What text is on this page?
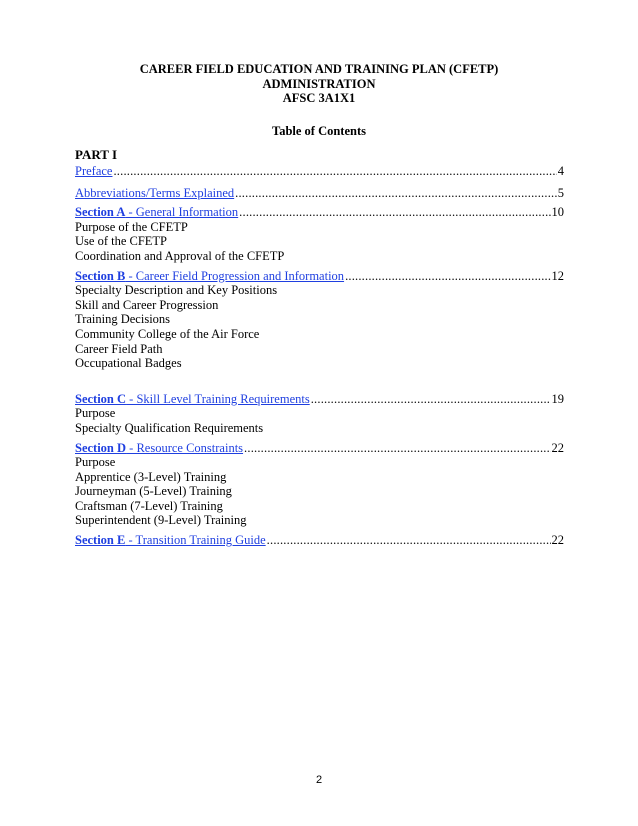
CAREER FIELD EDUCATION AND TRAINING PLAN (CFETP)
ADMINISTRATION
AFSC 3A1X1
Table of Contents
PART I
Preface .....	4
Abbreviations/Terms Explained .....	5
Section A - General Information .....	10
Purpose of the CFETP
Use of the CFETP
Coordination and Approval of the CFETP
Section B - Career Field Progression and Information .....	12
Specialty Description and Key Positions
Skill and Career Progression
Training Decisions
Community College of the Air Force
Career Field Path
Occupational Badges
Section C - Skill Level Training Requirements .....	19
Purpose
Specialty Qualification Requirements
Section D - Resource Constraints .....	22
Purpose
Apprentice (3-Level) Training
Journeyman (5-Level) Training
Craftsman (7-Level) Training
Superintendent (9-Level) Training
Section E - Transition Training Guide .....	22
2
